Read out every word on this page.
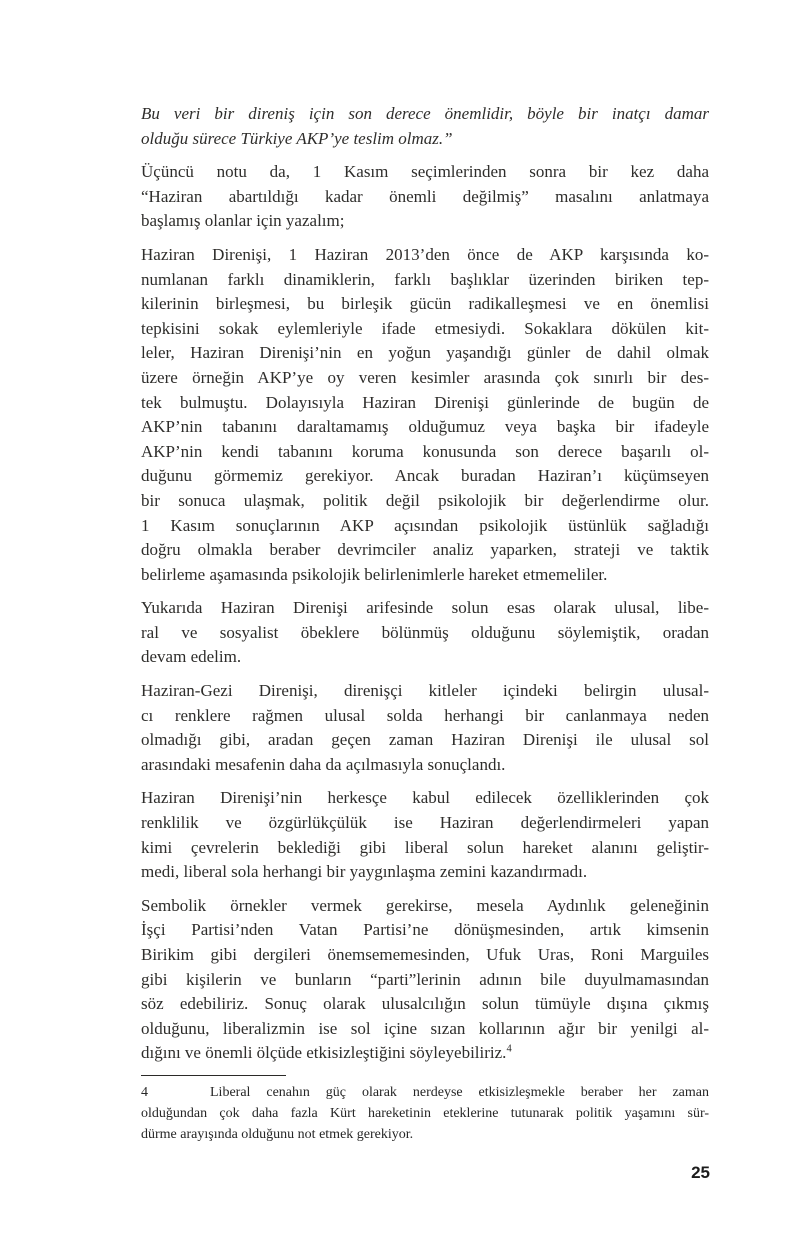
Bu veri bir direniş için son derece önemlidir, böyle bir inatçı damar
olduğu sürece Türkiye AKP’ye teslim olmaz.”

Üçüncü notu da, 1 Kasım seçimlerinden sonra bir kez daha
“Haziran abartıldığı kadar önemli değilmiş” masalını anlatmaya
başlamış olanlar için yazalım;

Haziran Direnişi, 1 Haziran 2013’den önce de AKP karşısında ko-
numlanan farklı dinamiklerin, farklı başlıklar üzerinden biriken tep-
kilerinin birleşmesi, bu birleşik gücün radikalleşmesi ve en önemlisi
tepkisini sokak eylemleriyle ifade etmesiydi. Sokaklara dökülen kit-
leler, Haziran Direnişi’nin en yoğun yaşandığı günler de dahil olmak
üzere örneğin AKP’ye oy veren kesimler arasında çok sınırlı bir des-
tek bulmuştu. Dolayısıyla Haziran Direnişi günlerinde de bugün de
AKP’nin tabanını daraltamamış olduğumuz veya başka bir ifadeyle
AKP’nin kendi tabanını koruma konusunda son derece başarılı ol-
duğunu görmemiz gerekiyor. Ancak buradan Haziran’ı küçümseyen
bir sonuca ulaşmak, politik değil psikolojik bir değerlendirme olur.
1 Kasım sonuçlarının AKP açısından psikolojik üstünlük sağladığı
doğru olmakla beraber devrimciler analiz yaparken, strateji ve taktik
belirleme aşamasında psikolojik belirlenimlerle hareket etmemeliler.

Yukarıda Haziran Direnişi arifesinde solun esas olarak ulusal, libe-
ral ve sosyalist öbeklere bölünmüş olduğunu söylemiştik, oradan
devam edelim.

Haziran-Gezi Direnişi, direnişçi kitleler içindeki belirgin ulusal-
cı renklere rağmen ulusal solda herhangi bir canlanmaya neden
olmadığı gibi, aradan geçen zaman Haziran Direnişi ile ulusal sol
arasındaki mesafenin daha da açılmasıyla sonuçlandı.

Haziran Direnişi’nin herkesçe kabul edilecek özelliklerinden çok
renklilik ve özgürlükçülük ise Haziran değerlendirmeleri yapan
kimi çevrelerin beklediği gibi liberal solun hareket alanını geliştir-
medi, liberal sola herhangi bir yaygınlaşma zemini kazandırmadı.

Sembolik örnekler vermek gerekirse, mesela Aydınlık geleneğinin
İşçi Partisi’nden Vatan Partisi’ne dönüşmesinden, artık kimsenin
Birikim gibi dergileri önemsememesinden, Ufuk Uras, Roni Marguiles
gibi kişilerin ve bunların “parti”lerinin adının bile duyulmamasından
söz edebiliriz. Sonuç olarak ulusalcılığın solun tümüyle dışına çıkmış
olduğunu, liberalizmin ise sol içine sızan kollarının ağır bir yenilgi al-
dığını ve önemli ölçüde etkisizleştiğini söyleyebiliriz.$^4$

4	Liberal cenahın güç olarak nerdeyse etkisizleşmekle beraber her zaman
olduğundan çok daha fazla Kürt hareketinin eteklerine tutunarak politik yaşamını sür-
dürme arayışında olduğunu not etmek gerekiyor.
25
